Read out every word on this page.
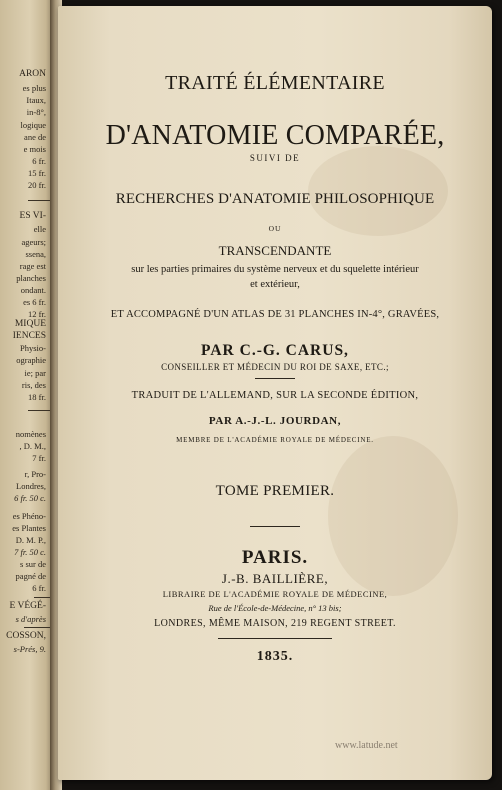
ARON
es plus
Itaux,
in-8°,
logique
ane de
e mois
6 fr.
15 fr.
20 fr.
ES VI-
elle
ageurs;
ssena,
rage est
planches
ondant.
es 6 fr.
12 fr.
MIQUE
IENCES
Physio-
ographie
ie; par
ris, des
18 fr.
nomènes
, D. M.,
7 fr.
r, Pro-
Londres,
6 fr. 50 c.
es Phéno-
es Plantes
D. M. P.,
7 fr. 50 c.
s sur de
pagné de
6 fr.
E VÉGÉ-
s d'après
COSSON,
s-Prés, 9.
TRAITÉ ÉLÉMENTAIRE
D'ANATOMIE COMPARÉE,
SUIVI DE
RECHERCHES D'ANATOMIE PHILOSOPHIQUE
OU
TRANSCENDANTE
sur les parties primaires du système nerveux et du squelette intérieur
et extérieur,
ET ACCOMPAGNÉ D'UN ATLAS DE 31 PLANCHES IN-4°, GRAVÉES,
PAR C.-G. CARUS,
CONSEILLER ET MÉDECIN DU ROI DE SAXE, ETC.;
TRADUIT DE L'ALLEMAND, SUR LA SECONDE ÉDITION,
PAR A.-J.-L. JOURDAN,
MEMBRE DE L'ACADÉMIE ROYALE DE MÉDECINE.
TOME PREMIER.
PARIS.
J.-B. BAILLIÈRE,
LIBRAIRE DE L'ACADÉMIE ROYALE DE MÉDECINE,
Rue de l'École-de-Médecine, n° 13 bis;
LONDRES, MÊME MAISON, 219 REGENT STREET.
1835.
www.latude.net
